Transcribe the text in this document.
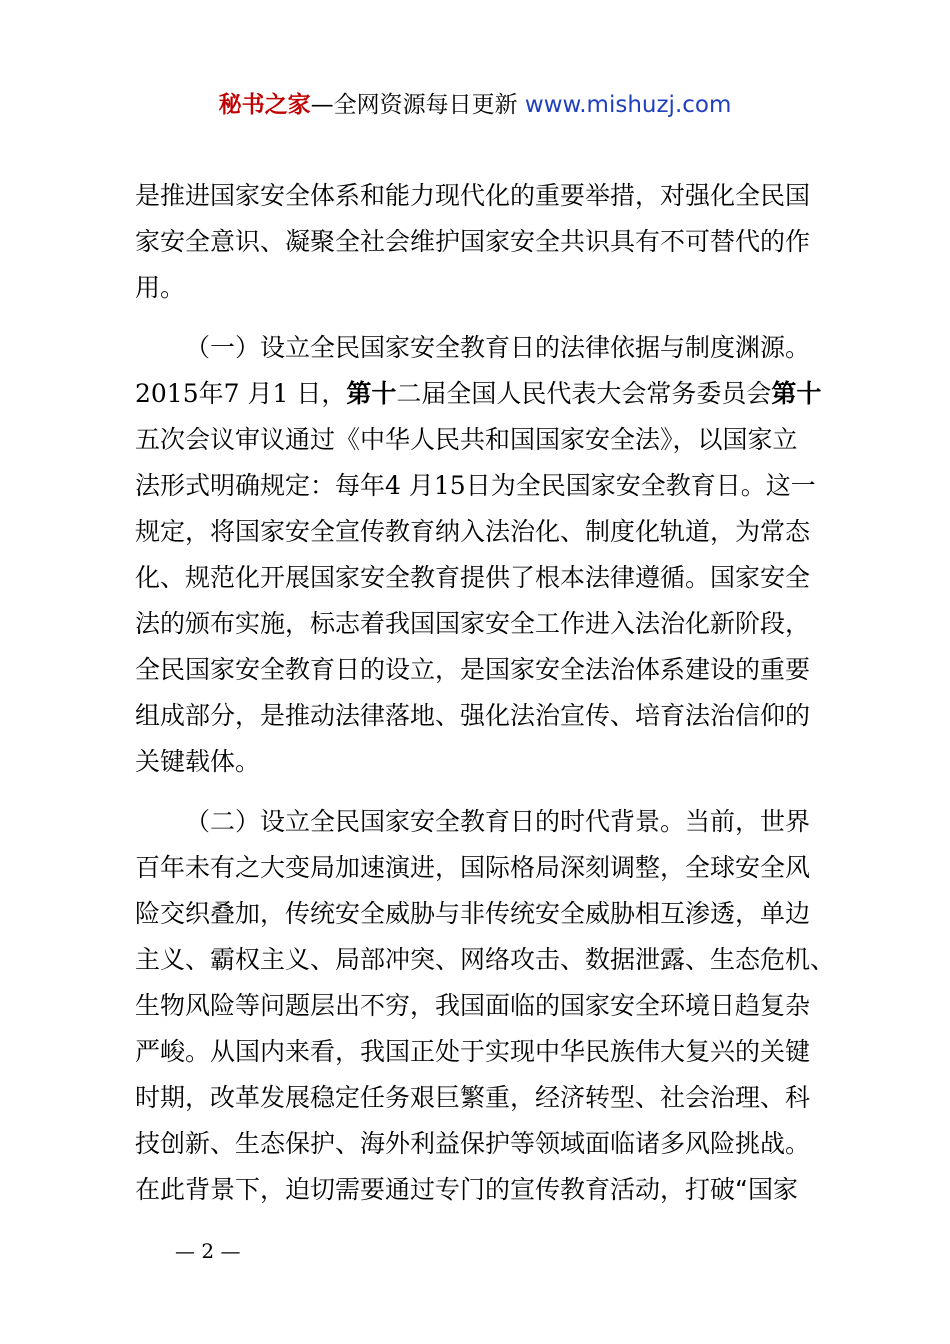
秘书之家—全网资源每日更新 www.mishuzj.com
是推进国家安全体系和能力现代化的重要举措，对强化全民国
家安全意识、凝聚全社会维护国家安全共识具有不可替代的作
用。
（一）设立全民国家安全教育日的法律依据与制度渊源。
2015年7 月1 日，第十二届全国人民代表大会常务委员会第十
五次会议审议通过《中华人民共和国国家安全法》，以国家立
法形式明确规定：每年4 月15日为全民国家安全教育日。这一
规定，将国家安全宣传教育纳入法治化、制度化轨道，为常态
化、规范化开展国家安全教育提供了根本法律遵循。国家安全
法的颁布实施，标志着我国国家安全工作进入法治化新阶段，
全民国家安全教育日的设立，是国家安全法治体系建设的重要
组成部分，是推动法律落地、强化法治宣传、培育法治信仰的
关键载体。
（二）设立全民国家安全教育日的时代背景。当前，世界
百年未有之大变局加速演进，国际格局深刻调整，全球安全风
险交织叠加，传统安全威胁与非传统安全威胁相互渗透，单边
主义、霸权主义、局部冲突、网络攻击、数据泄露、生态危机、
生物风险等问题层出不穷，我国面临的国家安全环境日趋复杂
严峻。从国内来看，我国正处于实现中华民族伟大复兴的关键
时期，改革发展稳定任务艰巨繁重，经济转型、社会治理、科
技创新、生态保护、海外利益保护等领域面临诸多风险挑战。
在此背景下，迫切需要通过专门的宣传教育活动，打破“国家
— 2 —
